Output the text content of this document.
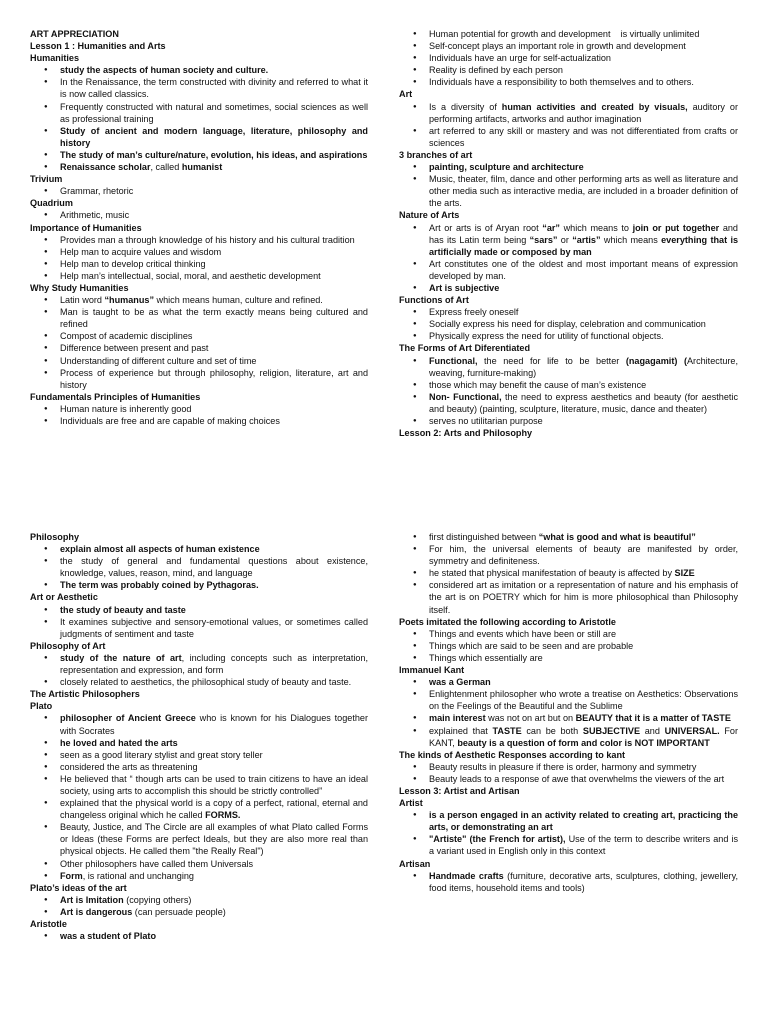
ART APPRECIATION
Lesson 1 : Humanities and Arts
Humanities
● study the aspects of human society and culture.
● In the Renaissance, the term constructed with divinity and referred to what it is now called classics.
● Frequently constructed with natural and sometimes, social sciences as well as professional training
● Study of ancient and modern language, literature, philosophy and history
● The study of man’s culture/nature, evolution, his ideas, and aspirations
● Renaissance scholar, called humanist
Trivium
● Grammar, rhetoric
Quadrium
● Arithmetic, music
Importance of Humanities
● Provides man a through knowledge of his history and his cultural tradition
● Help man to acquire values and wisdom
● Help man to develop critical thinking
● Help man’s intellectual, social, moral, and aesthetic development
Why Study Humanities
● Latin word “humanus” which means human, culture and refined.
● Man is taught to be as what the term exactly means being cultured and refined
● Compost of academic disciplines
● Difference between present and past
● Understanding of different culture and set of time
● Process of experience but through philosophy, religion, literature, art and history
Fundamentals Principles of Humanities
● Human nature is inherently good
● Individuals are free and are capable of making choices
● Human potential for growth and development    is virtually unlimited
● Self-concept plays an important role in growth and development
● Individuals have an urge for self-actualization
● Reality is defined by each person
● Individuals have a responsibility to both themselves and to others.
Art
● Is a diversity of human activities and created by visuals, auditory or performing artifacts, artworks and author imagination
● art referred to any skill or mastery and was not differentiated from crafts or sciences
3 branches of art
● painting, sculpture and architecture
● Music, theater, film, dance and other performing arts as well as literature and other media such as interactive media, are included in a broader definition of the arts.
Nature of Arts
● Art or arts is of Aryan root “ar” which means to join or put together and has its Latin term being “sars” or “artis” which means everything that is artificially made or composed by man
● Art constitutes one of the oldest and most important means of expression developed by man.
● Art is subjective
Functions of Art
● Express freely oneself
● Socially express his need for display, celebration and communication
● Physically express the need for utility of functional objects.
The Forms of Art Diferentiated
● Functional, the need for life to be better (nagagamit) (Architecture, weaving, furniture-making)
● those which may benefit the cause of man’s existence
● Non- Functional, the need to express aesthetics and beauty (for aesthetic and beauty) (painting, sculpture, literature, music, dance and theater)
● serves no utilitarian purpose
Lesson 2: Arts and Philosophy
Philosophy
● explain almost all aspects of human existence
● the study of general and fundamental questions about existence, knowledge, values, reason, mind, and language
● The term was probably coined by Pythagoras.
Art or Aesthetic
● the study of beauty and taste
● It examines subjective and sensory-emotional values, or sometimes called judgments of sentiment and taste
Philosophy of Art
● study of the nature of art, including concepts such as interpretation, representation and expression, and form
● closely related to aesthetics, the philosophical study of beauty and taste.
The Artistic Philosophers
Plato
● philosopher of Ancient Greece who is known for his Dialogues together with Socrates
● he loved and hated the arts
● seen as a good literary stylist and great story teller
● considered the arts as threatening
● He believed that “ though arts can be used to train citizens to have an ideal society, using arts to accomplish this should be strictly controlled”
● explained that the physical world is a copy of a perfect, rational, eternal and changeless original which he called FORMS.
● Beauty, Justice, and The Circle are all examples of what Plato called Forms or Ideas (these Forms are perfect Ideals, but they are also more real than physical objects. He called them "the Really Real")
● Other philosophers have called them Universals
● Form, is rational and unchanging
Plato’s ideas of the art
● Art is Imitation (copying others)
● Art is dangerous (can persuade people)
Aristotle
● was a student of Plato
● first distinguished between “what is good and what is beautiful”
● For him, the universal elements of beauty are manifested by order, symmetry and definiteness.
● he stated that physical manifestation of beauty is affected by SIZE
● considered art as imitation or a representation of nature and his emphasis of the art is on POETRY which for him is more philosophical than Philosophy itself.
Poets imitated the following according to Aristotle
● Things and events which have been or still are
● Things which are said to be seen and are probable
● Things which essentially are
Immanuel Kant
● was a German
● Enlightenment philosopher who wrote a treatise on Aesthetics: Observations on the Feelings of the Beautiful and the Sublime
● main interest was not on art but on BEAUTY that it is a matter of TASTE
● explained that TASTE can be both SUBJECTIVE and UNIVERSAL. For KANT, beauty is a question of form and color is NOT IMPORTANT
The kinds of Aesthetic Responses according to kant
● Beauty results in pleasure if there is order, harmony and symmetry
● Beauty leads to a response of awe that overwhelms the viewers of the art
Lesson 3: Artist and Artisan
Artist
● is a person engaged in an activity related to creating art, practicing the arts, or demonstrating an art
● "Artiste" (the French for artist), Use of the term to describe writers and is a variant used in English only in this context
Artisan
● Handmade crafts (furniture, decorative arts, sculptures, clothing, jewellery, food items, household items and tools)
